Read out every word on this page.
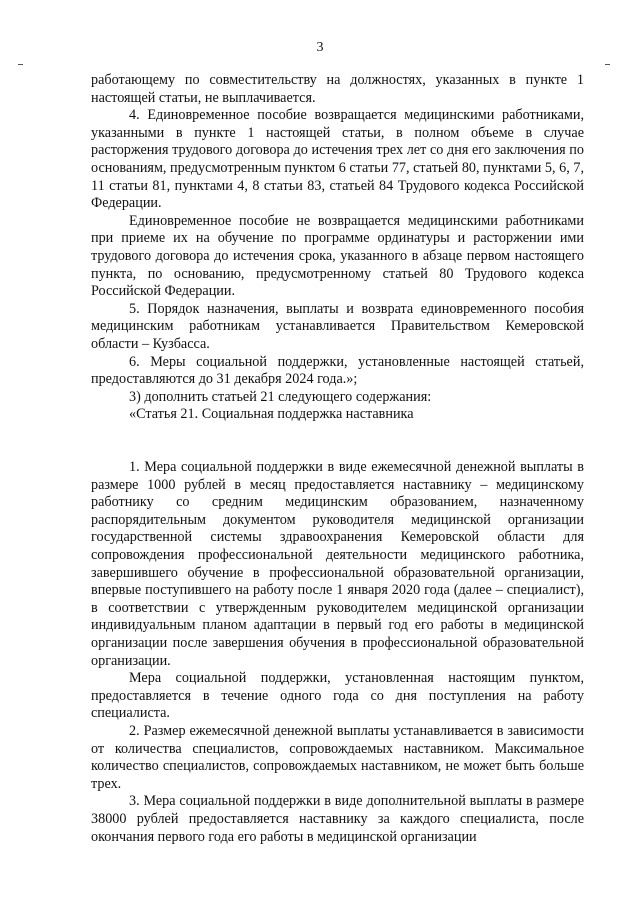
3

работающему по совместительству на должностях, указанных в пункте 1 настоящей статьи, не выплачивается.

4. Единовременное пособие возвращается медицинскими работниками, указанными в пункте 1 настоящей статьи, в полном объеме в случае расторжения трудового договора до истечения трех лет со дня его заключения по основаниям, предусмотренным пунктом 6 статьи 77, статьей 80, пунктами 5, 6, 7, 11 статьи 81, пунктами 4, 8 статьи 83, статьей 84 Трудового кодекса Российской Федерации.

Единовременное пособие не возвращается медицинскими работниками при приеме их на обучение по программе ординатуры и расторжении ими трудового договора до истечения срока, указанного в абзаце первом настоящего пункта, по основанию, предусмотренному статьей 80 Трудового кодекса Российской Федерации.

5. Порядок назначения, выплаты и возврата единовременного пособия медицинским работникам устанавливается Правительством Кемеровской области – Кузбасса.

6. Меры социальной поддержки, установленные настоящей статьей, предоставляются до 31 декабря 2024 года.»;

3) дополнить статьей 21 следующего содержания:

«Статья 21. Социальная поддержка наставника

1. Мера социальной поддержки в виде ежемесячной денежной выплаты в размере 1000 рублей в месяц предоставляется наставнику – медицинскому работнику со средним медицинским образованием, назначенному распорядительным документом руководителя медицинской организации государственной системы здравоохранения Кемеровской области для сопровождения профессиональной деятельности медицинского работника, завершившего обучение в профессиональной образовательной организации, впервые поступившего на работу после 1 января 2020 года (далее – специалист), в соответствии с утвержденным руководителем медицинской организации индивидуальным планом адаптации в первый год его работы в медицинской организации после завершения обучения в профессиональной образовательной организации.

Мера социальной поддержки, установленная настоящим пунктом, предоставляется в течение одного года со дня поступления на работу специалиста.

2. Размер ежемесячной денежной выплаты устанавливается в зависимости от количества специалистов, сопровождаемых наставником. Максимальное количество специалистов, сопровождаемых наставником, не может быть больше трех.

3. Мера социальной поддержки в виде дополнительной выплаты в размере 38000 рублей предоставляется наставнику за каждого специалиста, после окончания первого года его работы в медицинской организации
